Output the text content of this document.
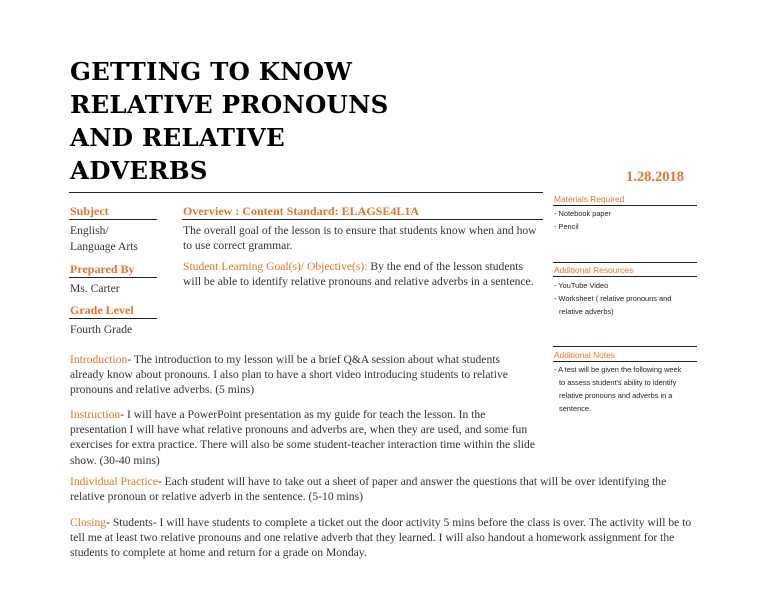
GETTING TO KNOW
RELATIVE PRONOUNS
AND RELATIVE
ADVERBS	1.28.2018
Subject
English/
Language Arts
Prepared By
Ms. Carter
Grade Level
Fourth Grade
Overview : Content Standard: ELAGSE4L1A

The overall goal of the lesson is to ensure that students know when and how to use correct grammar.

Student Learning Goal(s)/ Objective(s): By the end of the lesson students will be able to identify relative pronouns and relative adverbs in a sentence.

Introduction- The introduction to my lesson will be a brief Q&A session about what students already know about pronouns. I also plan to have a short video introducing students to relative pronouns and relative adverbs. (5 mins)

Instruction- I will have a PowerPoint presentation as my guide for teach the lesson. In the presentation I will have what relative pronouns and adverbs are, when they are used, and some fun exercises for extra practice. There will also be some student-teacher interaction time within the slide show. (30-40 mins)

Individual Practice- Each student will have to take out a sheet of paper and answer the questions that will be over identifying the relative pronoun or relative adverb in the sentence. (5-10 mins)

Closing- Students- I will have students to complete a ticket out the door activity 5 mins before the class is over. The activity will be to tell me at least two relative pronouns and one relative adverb that they learned. I will also handout a homework assignment for the students to complete at home and return for a grade on Monday.

Materials Required
- Notebook paper
- Pencil
Additional Resources
- YouTube Video
- Worksheet ( relative pronouns and
relative adverbs)
Additional Notes
- A test will be given the following week
to assess student's ability to identify
relative pronouns and adverbs in a
sentence.
